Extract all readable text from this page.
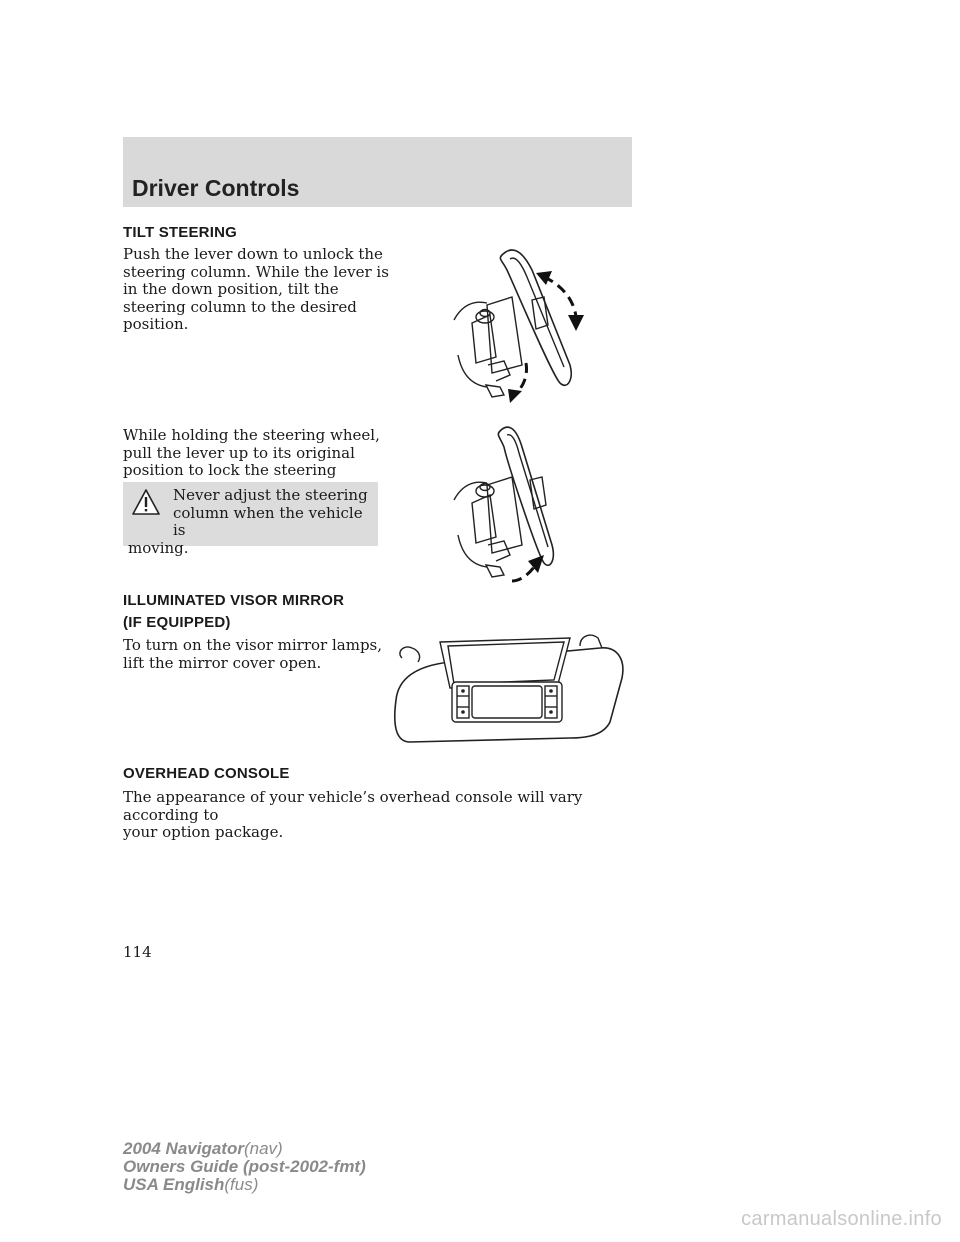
Driver Controls
TILT STEERING
Push the lever down to unlock the
steering column. While the lever is
in the down position, tilt the
steering column to the desired
position.
While holding the steering wheel,
pull the lever up to its original
position to lock the steering
Never adjust the steering
column when the vehicle is
moving.
ILLUMINATED VISOR MIRROR
(IF EQUIPPED)
To turn on the visor mirror lamps,
lift the mirror cover open.
OVERHEAD CONSOLE
The appearance of your vehicle’s overhead console will vary according to
your option package.
114
2004 Navigator(nav)
Owners Guide (post-2002-fmt)
USA English(fus)
carmanualsonline.info
